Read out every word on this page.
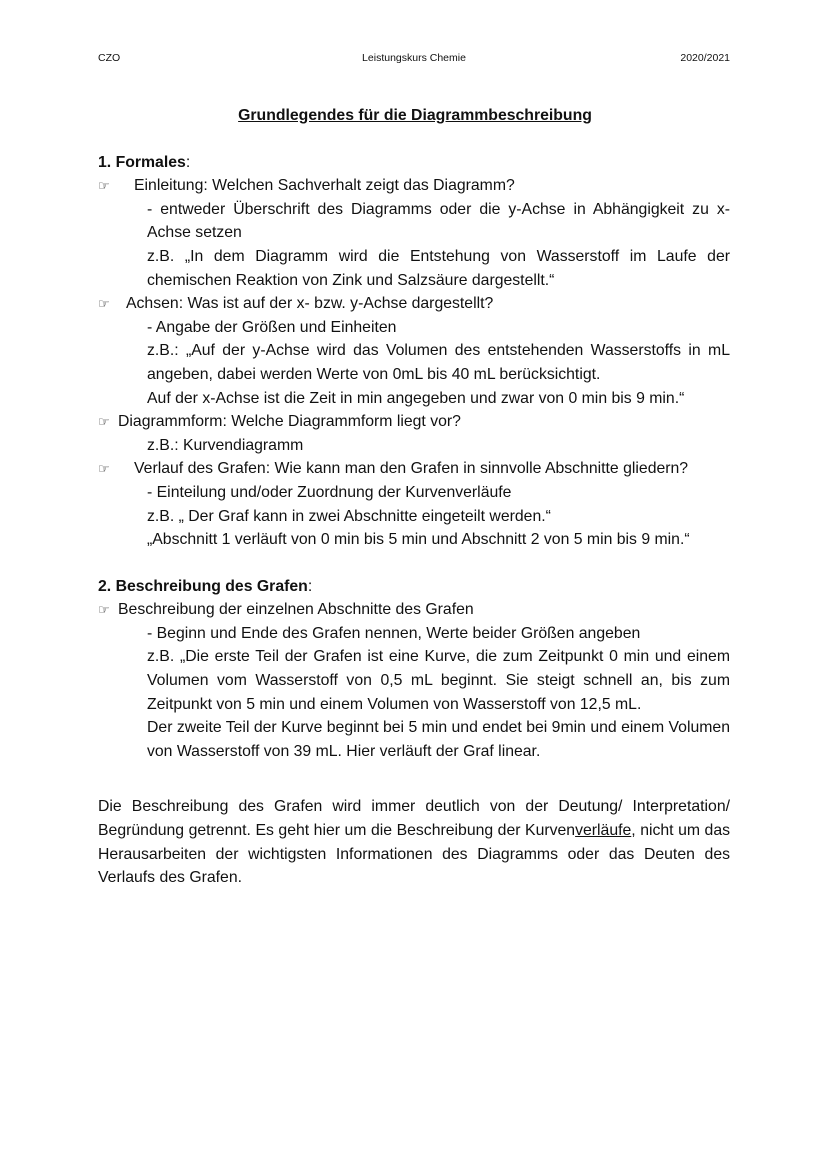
CZO	Leistungskurs Chemie	2020/2021
Grundlegendes für die Diagrammbeschreibung

1. Formales:

☞ Einleitung: Welchen Sachverhalt zeigt das Diagramm?

- entweder Überschrift des Diagramms oder die y-Achse in Abhängigkeit zu x-Achse setzen

z.B. „In dem Diagramm wird die Entstehung von Wasserstoff im Laufe der chemischen Reaktion von Zink und Salzsäure dargestellt.“

☞ Achsen: Was ist auf der x- bzw. y-Achse dargestellt?

- Angabe der Größen und Einheiten

z.B.: „Auf der y-Achse wird das Volumen des entstehenden Wasserstoffs in mL angeben, dabei werden Werte von 0mL bis 40 mL berücksichtigt.

Auf der x-Achse ist die Zeit in min angegeben und zwar von 0 min bis 9 min.“

☞ Diagrammform: Welche Diagrammform liegt vor?

z.B.: Kurvendiagramm

☞ Verlauf des Grafen: Wie kann man den Grafen in sinnvolle Abschnitte gliedern?

- Einteilung und/oder Zuordnung der Kurvenverläufe

z.B. „ Der Graf kann in zwei Abschnitte eingeteilt werden.“

„Abschnitt 1 verläuft von 0 min bis 5 min und Abschnitt 2 von 5 min bis 9 min.“

2. Beschreibung des Grafen:

☞ Beschreibung der einzelnen Abschnitte des Grafen

- Beginn und Ende des Grafen nennen, Werte beider Größen angeben

z.B. „Die erste Teil der Grafen ist eine Kurve, die zum Zeitpunkt 0 min und einem Volumen vom Wasserstoff von 0,5 mL beginnt. Sie steigt schnell an, bis zum Zeitpunkt von 5 min und einem Volumen von Wasserstoff von 12,5 mL.

Der zweite Teil der Kurve beginnt bei 5 min und endet bei 9min und einem Volumen von Wasserstoff von 39 mL. Hier verläuft der Graf linear.

Die Beschreibung des Grafen wird immer deutlich von der Deutung/ Interpretation/ Begründung getrennt. Es geht hier um die Beschreibung der Kurvenverläufe, nicht um das Herausarbeiten der wichtigsten Informationen des Diagramms oder das Deuten des Verlaufs des Grafen.
